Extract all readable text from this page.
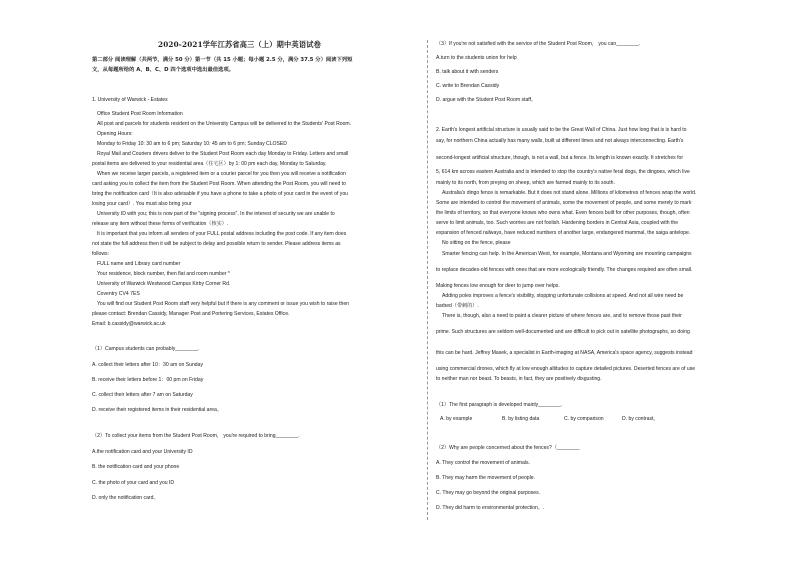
2020-2021学年江苏省高三（上）期中英语试卷
第二部分 阅读理解（共两节，满分 50 分）第一节（共 15 小题；每小题 2.5 分，满分 37.5 分）阅读下列短
文，从每题所给的 A、B、C、D 四个选项中选出最佳选项。
1. University of Warwick - Estates
Office Student Post Room Information
All post and parcels for students resident on the University Campus will be delivered to the Students' Post Room.
Opening Hours:
Monday to Friday 10: 30 am to 6 pm; Saturday 10: 45 am to 6 pm; Sunday CLOSED
Royal Mail and Couriers drivers deliver to the Student Post Room each day Monday to Friday. Letters and small
postal items are delivered to your residential area（住宅区）by 1: 00 pm each day, Monday to Saturday.
When we receive larger parcels, a registered item or a courier parcel for you then you will receive a notification
card asking you to collect the item from the Student Post Room. When attending the Post Room, you will need to
bring the notification card（It is also advisable if you have a phone to take a photo of your card in the event of you
losing your card）. You must also bring your
University ID with you; this is now part of the "signing process". In the interest of security we are unable to
release any item without these forms of verification（核实）.
It is important that you inform all senders of your FULL postal address including the post code. If any item does
not state the full address then it will be subject to delay and possible return to sender. Please address items as
follows:
FULL name and Library card number
Your residence, block number, then flat and room number *
University of Warwick Westwood Campus Kirby Corner Rd.
Coventry CV4 7ES
You will find our Student Post Room staff very helpful but if there is any comment or issue you wish to raise then
please contact: Brendan Cassidy, Manager Post and Portering Services, Estates Office.
Email: b.cassidy@warwick.ac.uk
（1）Campus students can probably________.
A. collect their letters after 10：30 am on Sunday
B. receive their letters before 1：00 pm on Friday
C. collect their letters after 7 am on Saturday
D. receive their registered items in their residential area。
（2）To collect your items from the Student Post Room， you're required to bring________.
A.the notification card and your University ID
B. the notification card and your phone
C. the photo of your card and you ID
D. only the notification card。
（3）If you're not satisfied with the service of the Student Post Room， you can________.
A.turn to the students union for help
B. talk about it with senders
C. write to Brendan Cassidy
D. argue with the Student Post Room staff。
2. Earth's longest artificial structure is usually said to be the Great Wall of China. Just how long that is is hard to
say, for northern China actually has many walls, built at different times and not always interconnecting. Earth's
second-longest artificial structure, though, is not a wall, but a fence. Its length is known exactly. It stretches for
5, 614 km across eastern Australia and is intended to stop the country's native feral dogs, the dingoes, which live
mainly to its north, from preying on sheep, which are farmed mainly to its south.
Australia's dingo fence is remarkable. But it does not stand alone. Millions of kilometres of fences wrap the world.
Some are intended to control the movement of animals, some the movement of people, and some merely to mark
the limits of territory, so that everyone knows who owns what. Even fences built for other purposes, though, often
serve to limit animals, too. Such worries are not foolish. Hardening borders in Central Asia, coupled with the
expansion of fenced railways, have reduced numbers of another large, endangered mammal, the saiga antelope.
No sitting on the fence, please
Smarter fencing can help. In the American West, for example, Montana and Wyoming are mounting campaigns
to replace decades-old fences with ones that are more ecologically friendly. The changes required are often small.
Making fences low enough for deer to jump over helps.
Adding poles improves a fence's visibility, stopping unfortunate collisions at speed. And not all wire need be
barbed（带刺的）.
There is, though, also a need to paint a clearer picture of where fences are, and to remove those past their
prime. Such structures are seldom well-documented and are difficult to pick out in satellite photographs, so doing
this can be hard. Jeffrey Masek, a specialist in Earth-imaging at NASA, America's space agency, suggests instead
using commercial drones, which fly at low enough altitudes to capture detailed pictures. Deserted fences are of use
to neither man nor beast. To beasts, in fact, they are positively disgusting.
（1）The first paragraph is developed mainly________.
A. by example	B. by listing data	C. by comparison	D. by contrast。
（2）Why are people concerned about the fences?（________
A. They control the movement of animals.
B. They may harm the movement of people.
C. They may go beyond the original purposes.
D. They did harm to environmental protection。.
